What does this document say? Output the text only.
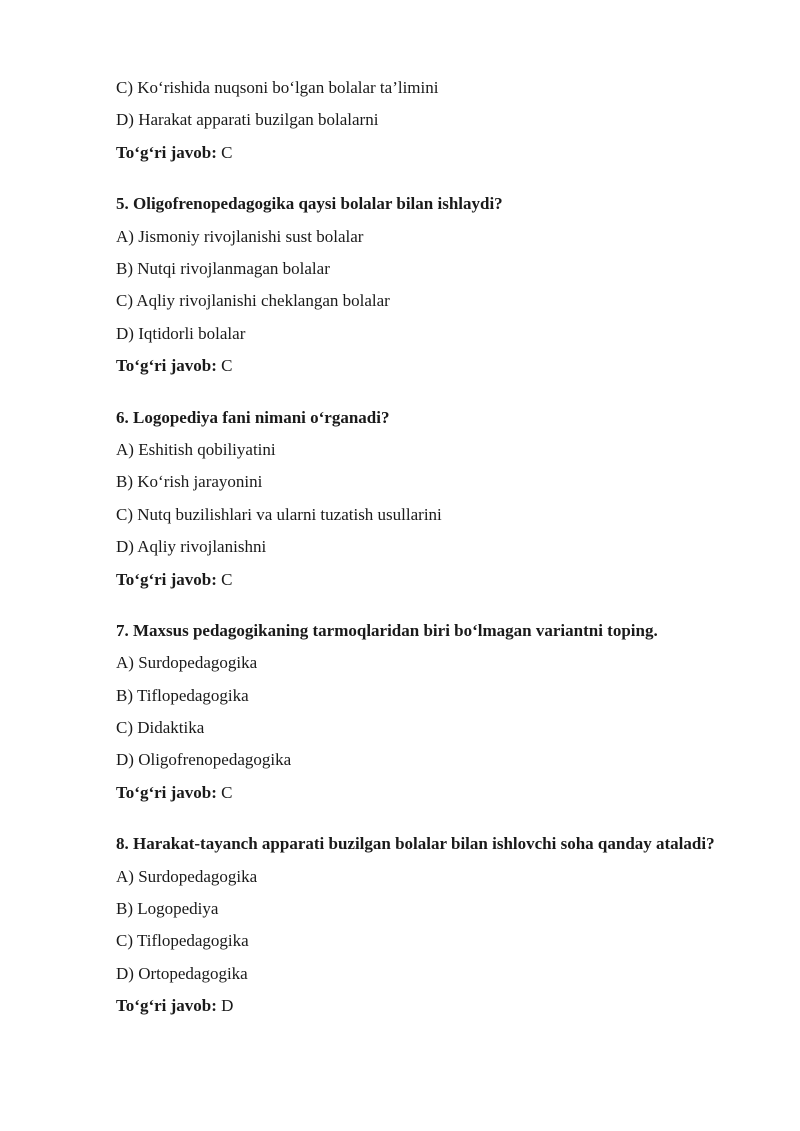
C) Ko‘rishida nuqsoni bo‘lgan bolalar ta’limini
D) Harakat apparati buzilgan bolalarni
To‘g‘ri javob: C
5. Oligofrenopedagogika qaysi bolalar bilan ishlaydi?
A) Jismoniy rivojlanishi sust bolalar
B) Nutqi rivojlanmagan bolalar
C) Aqliy rivojlanishi cheklangan bolalar
D) Iqtidorli bolalar
To‘g‘ri javob: C
6. Logopediya fani nimani o‘rganadi?
A) Eshitish qobiliyatini
B) Ko‘rish jarayonini
C) Nutq buzilishlari va ularni tuzatish usullarini
D) Aqliy rivojlanishni
To‘g‘ri javob: C
7. Maxsus pedagogikaning tarmoqlaridan biri bo‘lmagan variantni toping.
A) Surdopedagogika
B) Tiflopedagogika
C) Didaktika
D) Oligofrenopedagogika
To‘g‘ri javob: C
8. Harakat-tayanch apparati buzilgan bolalar bilan ishlovchi soha qanday ataladi?
A) Surdopedagogika
B) Logopediya
C) Tiflopedagogika
D) Ortopedagogika
To‘g‘ri javob: D
